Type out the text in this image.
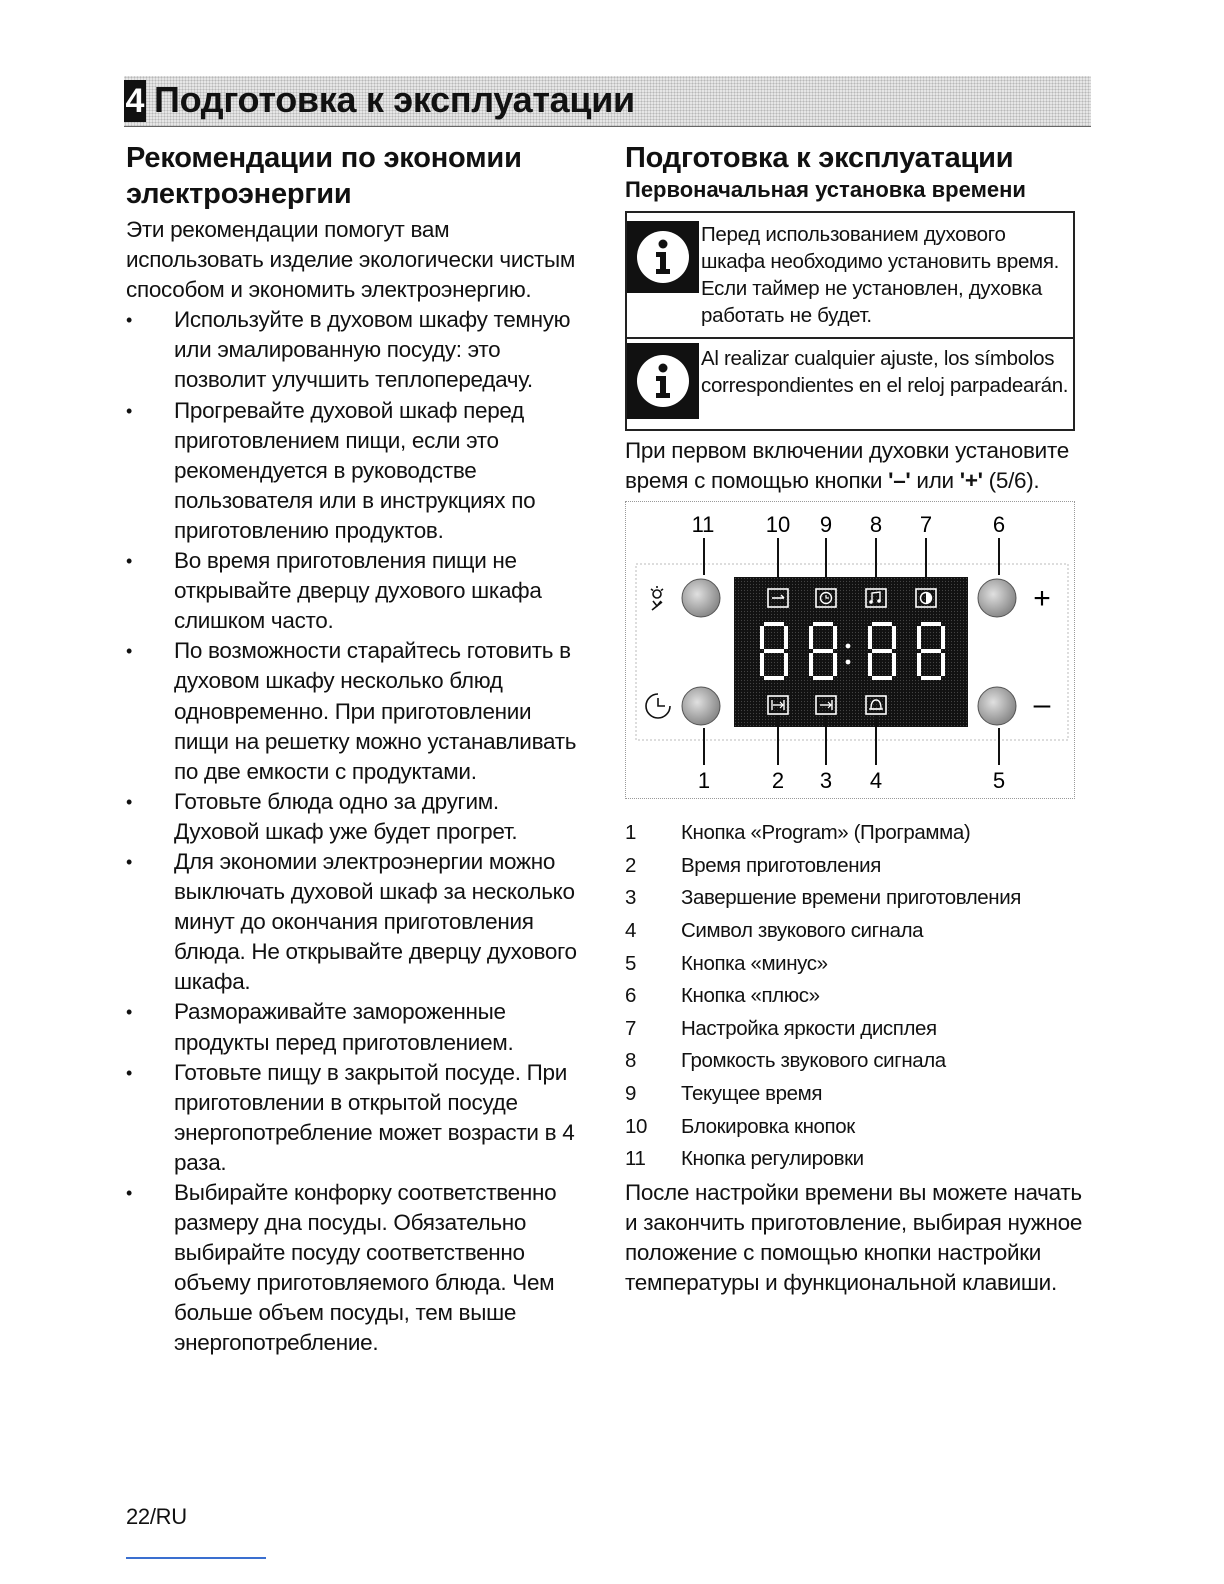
4 Подготовка к эксплуатации
Рекомендации по экономии
электроэнергии

Эти рекомендации помогут вам использовать изделие экологически чистым способом и экономить электроэнергию.

• Используйте в духовом шкафу темную или эмалированную посуду: это позволит улучшить теплопередачу.
• Прогревайте духовой шкаф перед приготовлением пищи, если это рекомендуется в руководстве пользователя или в инструкциях по приготовлению продуктов.
• Во время приготовления пищи не открывайте дверцу духового шкафа слишком часто.
• По возможности старайтесь готовить в духовом шкафу несколько блюд одновременно. При приготовлении пищи на решетку можно устанавливать по две емкости с продуктами.
• Готовьте блюда одно за другим. Духовой шкаф уже будет прогрет.
• Для экономии электроэнергии можно выключать духовой шкаф за несколько минут до окончания приготовления блюда. Не открывайте дверцу духового шкафа.
• Размораживайте замороженные продукты перед приготовлением.
• Готовьте пищу в закрытой посуде. При приготовлении в открытой посуде энергопотребление может возрасти в 4 раза.
• Выбирайте конфорку соответственно размеру дна посуды. Обязательно выбирайте посуду соответственно объему приготовляемого блюда. Чем больше объем посуды, тем выше энергопотребление.
Подготовка к эксплуатации
Первоначальная установка времени
Перед использованием духового шкафа необходимо установить время. Если таймер не установлен, духовка работать не будет.
Al realizar cualquier ajuste, los símbolos correspondientes en el reloj parpadearán.

При первом включении духовки установите время с помощью кнопки '–' или '+' (5/6).

11 10 9 8 7	6
+
–
1	2 3 4	5
1	Кнопка «Program» (Программа)
2	Время приготовления
3	Завершение времени приготовления
4	Символ звукового сигнала
5	Кнопка «минус»
6	Кнопка «плюс»
7	Настройка яркости дисплея
8	Громкость звукового сигнала
9	Текущее время
10	Блокировка кнопок
11	Кнопка регулировки

После настройки времени вы можете начать и закончить приготовление, выбирая нужное положение с помощью кнопки настройки температуры и функциональной клавиши.

22/RU
